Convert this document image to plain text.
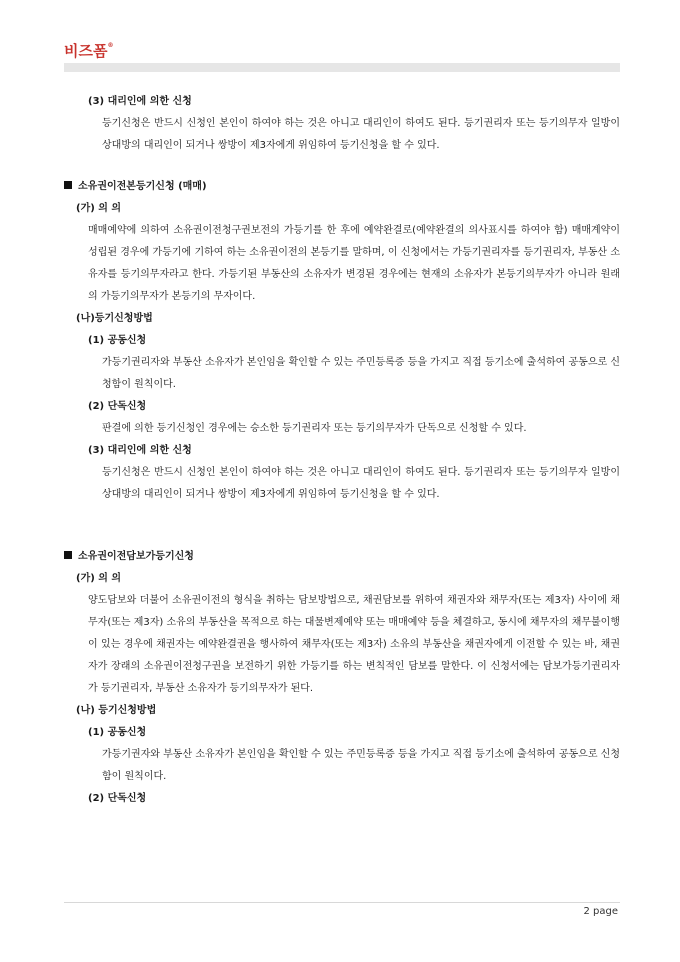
비즈폼®
(3) 대리인에 의한 신청
등기신청은 반드시 신청인 본인이 하여야 하는 것은 아니고 대리인이 하여도 된다. 등기권리자 또는 등기의무자 일방이 상대방의 대리인이 되거나 쌍방이 제3자에게 위임하여 등기신청을 할 수 있다.
소유권이전본등기신청 (매매)
(가) 의 의
매매예약에 의하여 소유권이전청구권보전의 가등기를 한 후에 예약완결로(예약완결의 의사표시를 하여야 함) 매매계약이 성립된 경우에 가등기에 기하여 하는 소유권이전의 본등기를 말하며, 이 신청에서는 가등기권리자를 등기권리자, 부동산 소유자를 등기의무자라고 한다. 가등기된 부동산의 소유자가 변경된 경우에는 현재의 소유자가 본등기의무자가 아니라 원래의 가등기의무자가 본등기의 무자이다.
(나)등기신청방법
(1) 공동신청
가등기권리자와 부동산 소유자가 본인임을 확인할 수 있는 주민등록증 등을 가지고 직접 등기소에 출석하여 공동으로 신청함이 원칙이다.
(2) 단독신청
판결에 의한 등기신청인 경우에는 승소한 등기권리자 또는 등기의무자가 단독으로 신청할 수 있다.
(3) 대리인에 의한 신청
등기신청은 반드시 신청인 본인이 하여야 하는 것은 아니고 대리인이 하여도 된다. 등기권리자 또는 등기의무자 일방이 상대방의 대리인이 되거나 쌍방이 제3자에게 위임하여 등기신청을 할 수 있다.
소유권이전담보가등기신청
(가) 의 의
양도담보와 더불어 소유권이전의 형식을 취하는 담보방법으로, 채권담보를 위하여 채권자와 채무자(또는 제3자) 사이에 채무자(또는 제3자) 소유의 부동산을 목적으로 하는 대물변제예약 또는 매매예약 등을 체결하고, 동시에 채무자의 채무불이행이 있는 경우에 채권자는 예약완결권을 행사하여 채무자(또는 제3자) 소유의 부동산을 채권자에게 이전할 수 있는 바, 채권자가 장래의 소유권이전청구권을 보전하기 위한 가등기를 하는 변칙적인 담보를 말한다. 이 신청서에는 담보가등기권리자가 등기권리자, 부동산 소유자가 등기의무자가 된다.
(나) 등기신청방법
(1) 공동신청
가등기권자와 부동산 소유자가 본인임을 확인할 수 있는 주민등록증 등을 가지고 직접 등기소에 출석하여 공동으로 신청함이 원칙이다.
(2) 단독신청
2 page
